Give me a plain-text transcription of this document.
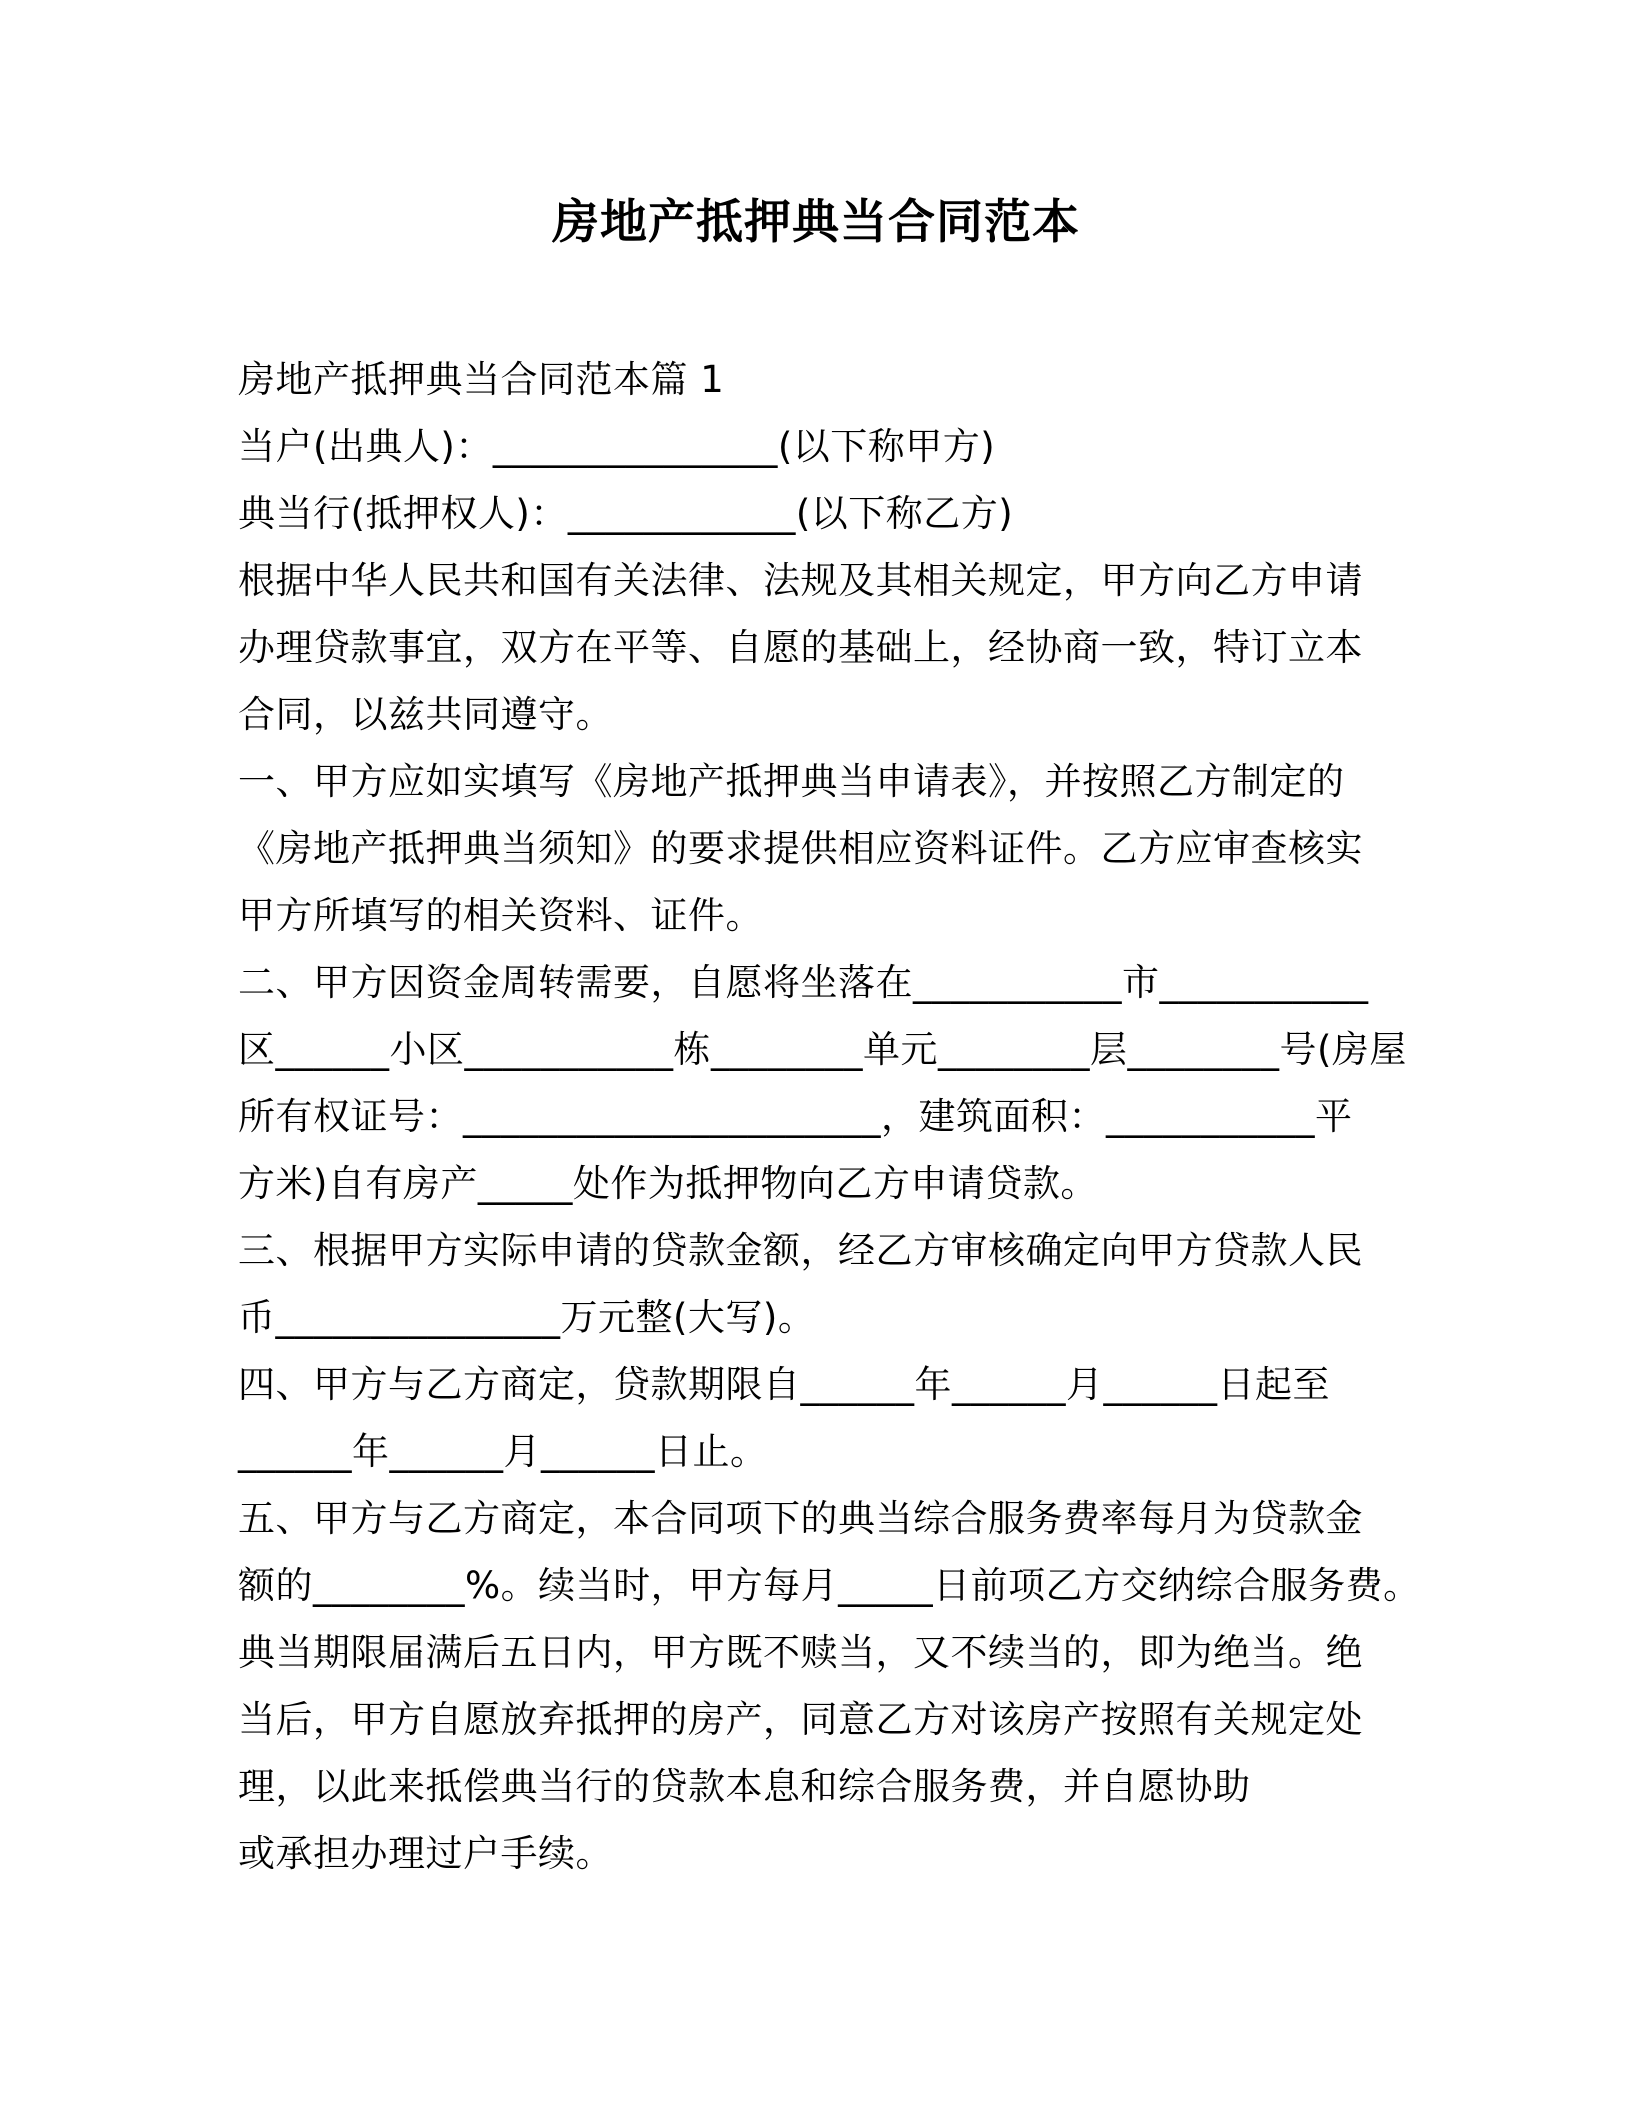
房地产抵押典当合同范本
房地产抵押典当合同范本篇 1
当户(出典人)：_______________(以下称甲方)
典当行(抵押权人)：____________(以下称乙方)
根据中华人民共和国有关法律、法规及其相关规定，甲方向乙方申请
办理贷款事宜，双方在平等、自愿的基础上，经协商一致，特订立本
合同，以兹共同遵守。
一、甲方应如实填写《房地产抵押典当申请表》，并按照乙方制定的
《房地产抵押典当须知》的要求提供相应资料证件。乙方应审查核实
甲方所填写的相关资料、证件。
二、甲方因资金周转需要，自愿将坐落在___________市___________
区______小区___________栋________单元________层________号(房屋
所有权证号：______________________，建筑面积：___________平
方米)自有房产_____处作为抵押物向乙方申请贷款。
三、根据甲方实际申请的贷款金额，经乙方审核确定向甲方贷款人民
币_______________万元整(大写)。
四、甲方与乙方商定，贷款期限自______年______月______日起至
______年______月______日止。
五、甲方与乙方商定，本合同项下的典当综合服务费率每月为贷款金
额的________%。续当时，甲方每月_____日前项乙方交纳综合服务费。
典当期限届满后五日内，甲方既不赎当，又不续当的，即为绝当。绝
当后，甲方自愿放弃抵押的房产，同意乙方对该房产按照有关规定处
理，以此来抵偿典当行的贷款本息和综合服务费，并自愿协助
或承担办理过户手续。
